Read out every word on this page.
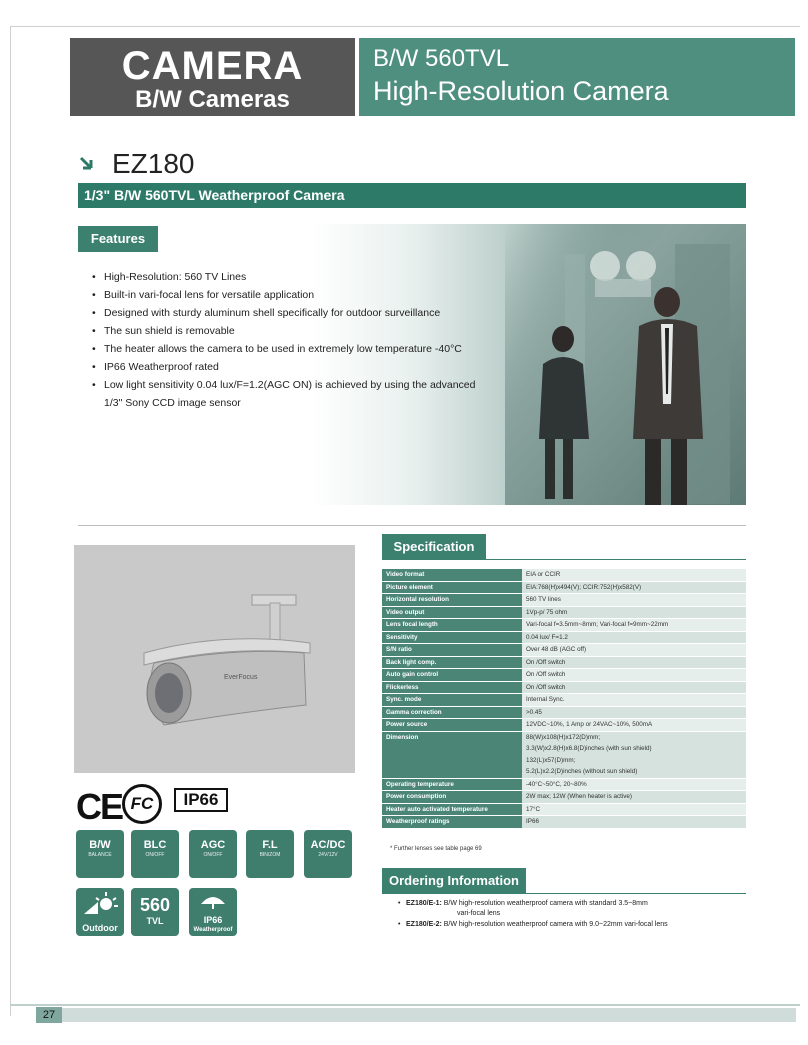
CAMERA
B/W Cameras
B/W 560TVL
High-Resolution Camera
EZ180
1/3" B/W 560TVL Weatherproof Camera
Features
• High-Resolution: 560 TV Lines
• Built-in vari-focal lens for versatile application
• Designed with sturdy aluminum shell specifically for outdoor surveillance
• The sun shield is removable
• The heater allows the camera to be used in extremely low temperature -40°C
• IP66 Weatherproof rated
• Low light sensitivity 0.04 lux/F=1.2(AGC ON) is achieved by using the advanced
1/3" Sony CCD image sensor
EverFocus
CE FC	IP66
B/W
BALANCE
BLC
ON/OFF
AGC
ON/OFF
F.L
BIN/ZOM
AC/DC
24V/12V
Outdoor
560
TVL	IP66
Weatherproof
Specification
Video format	EIA or CCIR
Picture element	EIA:768(H)x494(V); CCIR:752(H)x582(V)
Horizontal resolution	560 TV lines
Video output	1Vp-p/ 75 ohm
Lens focal length	Vari-focal f=3.5mm~8mm; Vari-focal f=9mm~22mm
Sensitivity	0.04 lux/ F=1.2
S/N ratio	Over 48 dB (AGC off)
Back light comp.	On /Off switch
Auto gain control	On /Off switch
Flickerless	On /Off switch
Sync. mode	Internal Sync.
Gamma correction	>0.45
Power source	12VDC~10%, 1 Amp or 24VAC~10%, 500mA
Dimension	88(W)x108(H)x172(D)mm;
3.3(W)x2.8(H)x6.8(D)inches (with sun shield)
132(L)x57(D)mm;
5.2(L)x2.2(D)inches (without sun shield)

Operating temperature	-40°C~50°C, 20~80%
Power consumption	2W max; 12W (When heater is active)
Heater auto activated temperature	17°C
Weatherproof ratings	IP66
* Further lenses see table page 69
Ordering Information
• EZ180/E-1: B/W high-resolution weatherproof camera with standard 3.5~8mm
vari-focal lens
• EZ180/E-2: B/W high-resolution weatherproof camera with 9.0~22mm vari-focal lens
27
